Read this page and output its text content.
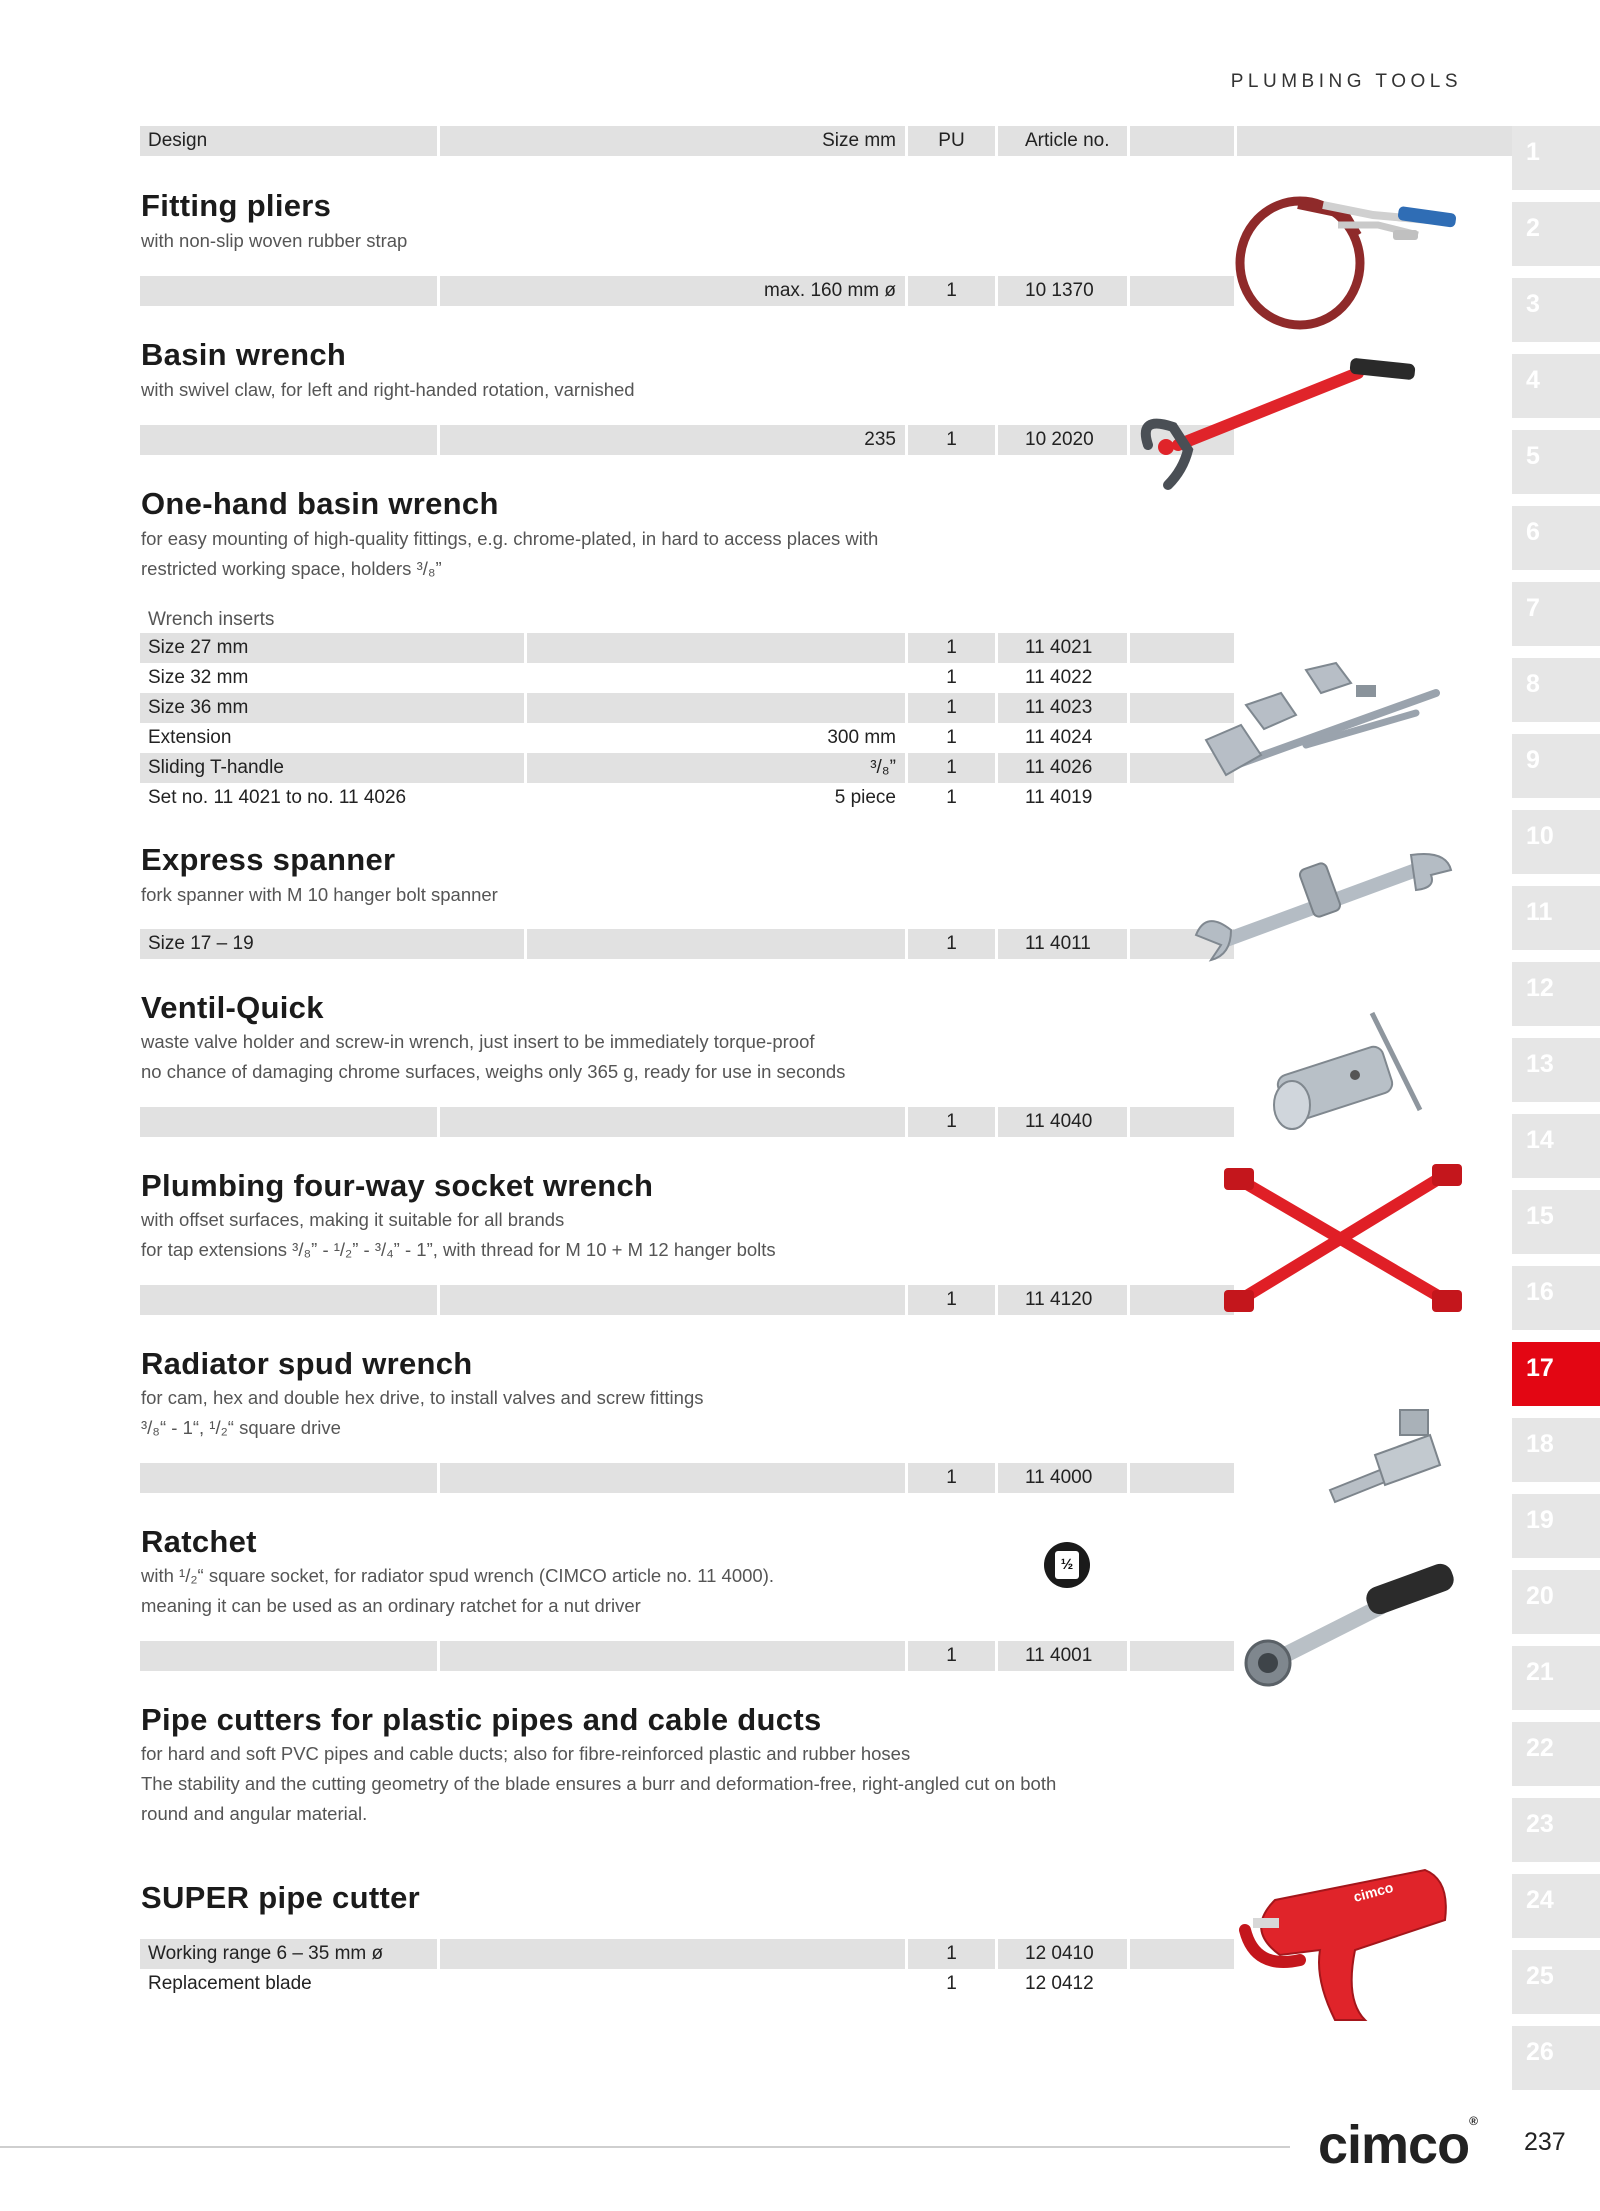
PLUMBING TOOLS
Design	Size mm	PU	Article no.
Fitting pliers
with non-slip woven rubber strap
max. 160 mm ø	1	10 1370
Basin wrench
with swivel claw, for left and right-handed rotation, varnished
235	1	10 2020
One-hand basin wrench
for easy mounting of high-quality fittings, e.g. chrome-plated, in hard to access places with
restricted working space, holders ³/₈”
Wrench inserts
Size 27 mm	1	11 4021
Size 32 mm	1	11 4022
Size 36 mm	1	11 4023
Extension	300 mm	1	11 4024
Sliding T-handle	³/₈”	1	11 4026
Set no. 11 4021 to no. 11 4026	5 piece	1	11 4019
Express spanner
fork spanner with M 10 hanger bolt spanner
Size 17 – 19	1	11 4011
Ventil-Quick
waste valve holder and screw-in wrench, just insert to be immediately torque-proof
no chance of damaging chrome surfaces, weighs only 365 g, ready for use in seconds
1	11 4040
Plumbing four-way socket wrench
with offset surfaces, making it suitable for all brands
for tap extensions ³/₈” - ¹/₂” - ³/₄” - 1”, with thread for M 10 + M 12 hanger bolts
1	11 4120
Radiator spud wrench
for cam, hex and double hex drive, to install valves and screw fittings
³/₈“ - 1“, ¹/₂“ square drive
1	11 4000
Ratchet
½
with ¹/₂“ square socket, for radiator spud wrench (CIMCO article no. 11 4000).
meaning it can be used as an ordinary ratchet for a nut driver
1	11 4001
Pipe cutters for plastic pipes and cable ducts
for hard and soft PVC pipes and cable ducts; also for fibre-reinforced plastic and rubber hoses
The stability and the cutting geometry of the blade ensures a burr and deformation-free, right-angled cut on both
round and angular material.
SUPER pipe cutter
Working range 6 – 35 mm ø	1	12 0410
Replacement blade	1	12 0412
cimco
1
2
3
4
5
6
7
8
9
10
11
12
13
14
15
16
17
18
19
20
21
22
23
24
25
26
cimco®
237
